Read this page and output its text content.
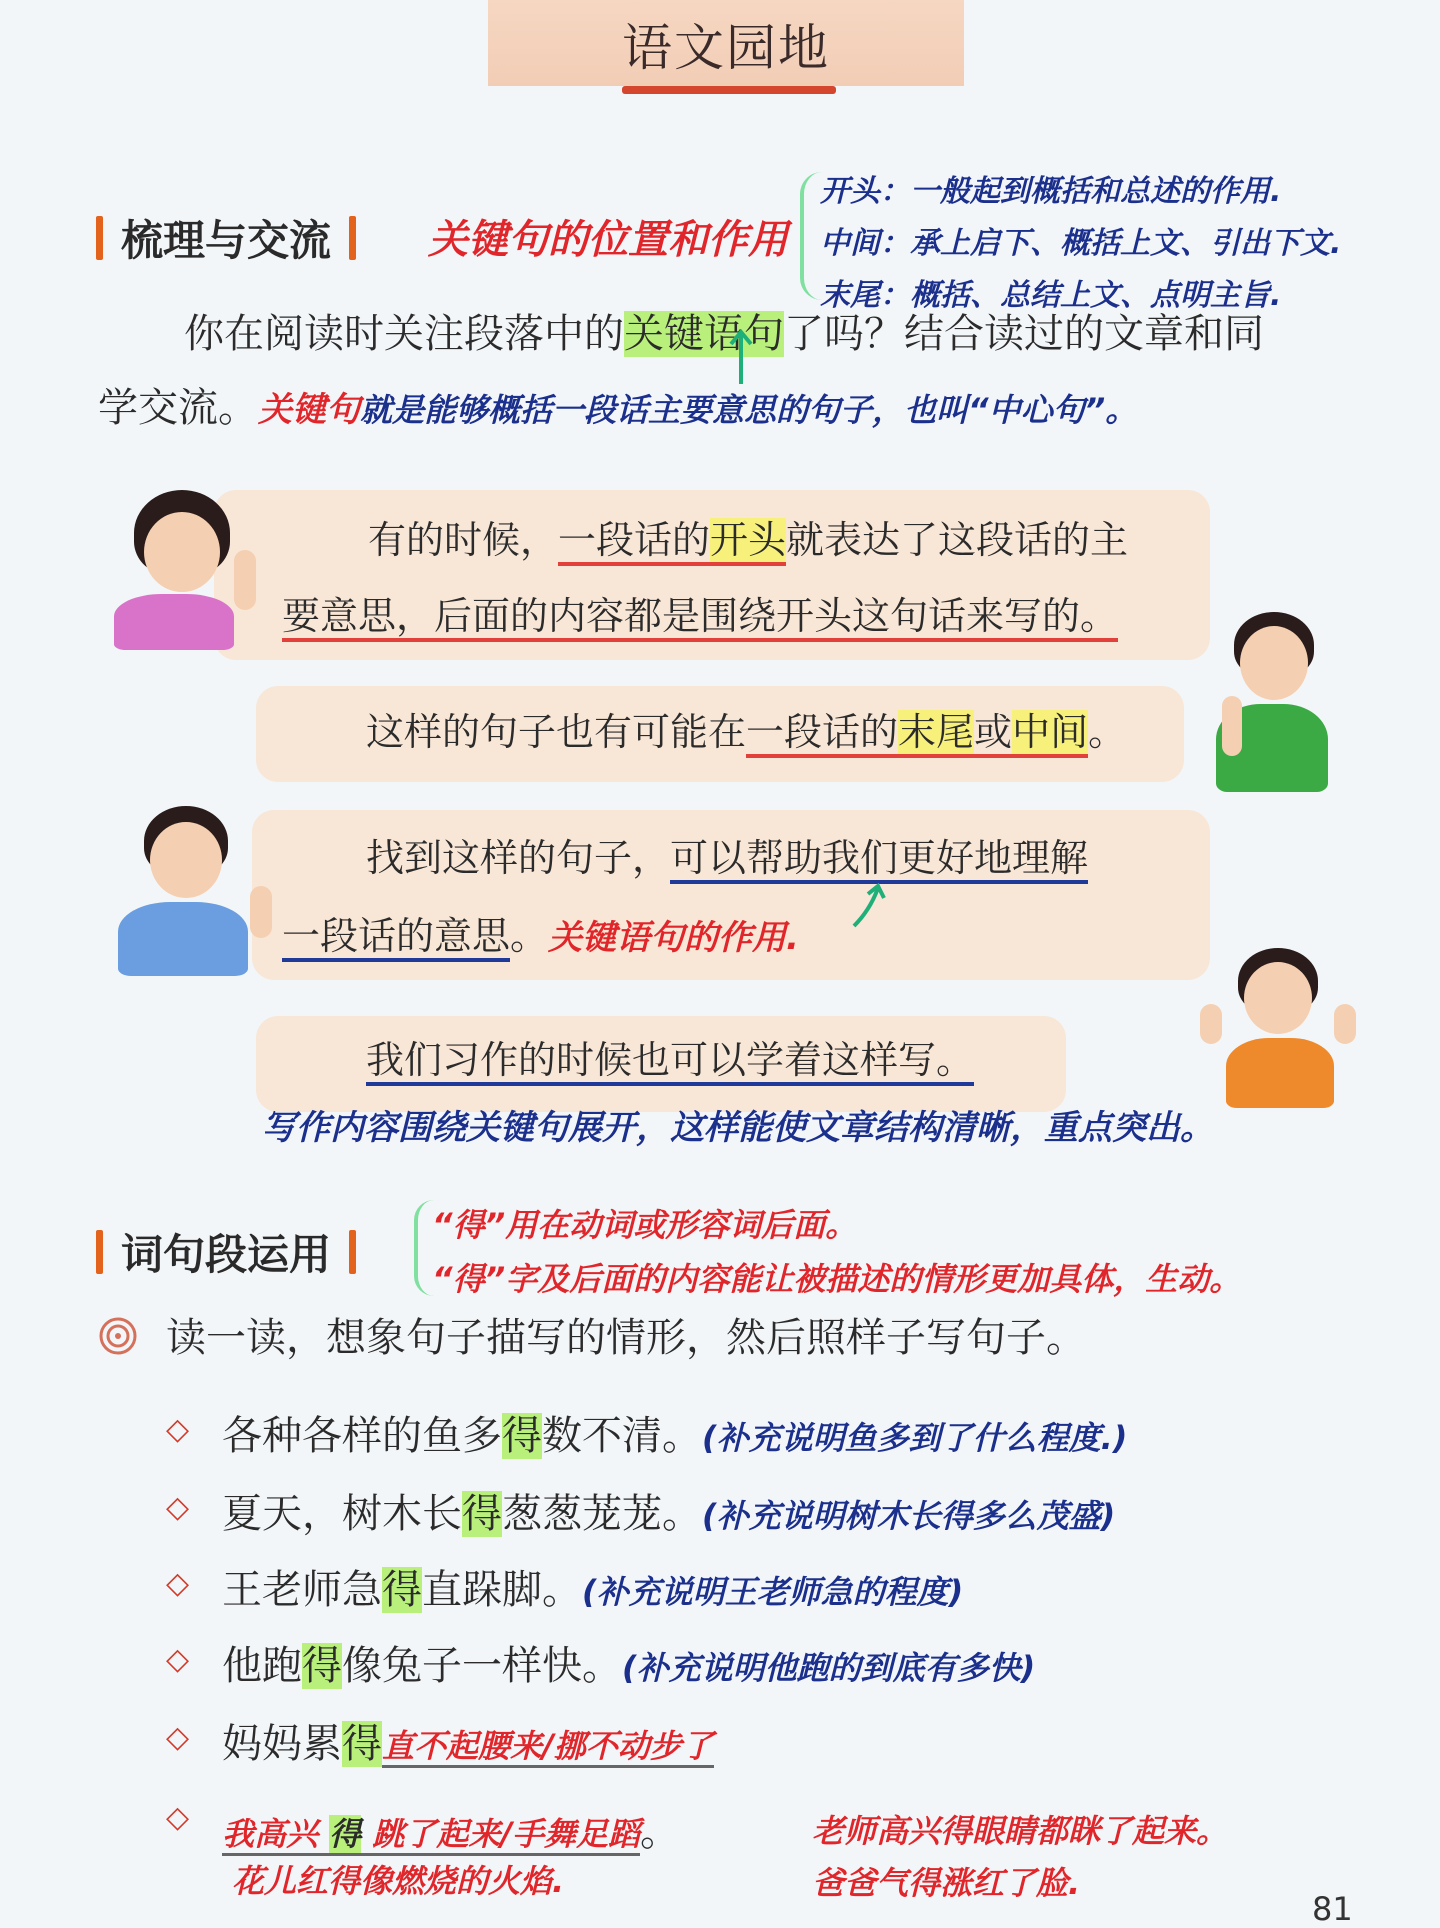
语文园地
梳理与交流 关键句的位置和作用
开头：一般起到概括和总述的作用.
中间：承上启下、概括上文、引出下文.
末尾：概括、总结上文、点明主旨.
你在阅读时关注段落中的关键语句了吗？结合读过的文章和同
学交流。关键句就是能够概括一段话主要意思的句子，也叫“中心句”。
有的时候，一段话的开头就表达了这段话的主
要意思，后面的内容都是围绕开头这句话来写的。
这样的句子也有可能在一段话的末尾或中间。
找到这样的句子，可以帮助我们更好地理解
一段话的意思。关键语句的作用.
我们习作的时候也可以学着这样写。
写作内容围绕关键句展开，这样能使文章结构清晰，重点突出。
词句段运用
“得”用在动词或形容词后面。
“得”字及后面的内容能让被描述的情形更加具体，生动。
读一读，想象句子描写的情形，然后照样子写句子。
◇ 各种各样的鱼多得数不清。(补充说明鱼多到了什么程度.)
◇ 夏天，树木长得葱葱茏茏。(补充说明树木长得多么茂盛)
◇ 王老师急得直跺脚。(补充说明王老师急的程度)
◇ 他跑得像兔子一样快。(补充说明他跑的到底有多快)
◇ 妈妈累得直不起腰来/挪不动步了
◇ 我高兴 得 跳了起来/手舞足蹈。
花儿红得像燃烧的火焰.
老师高兴得眼睛都眯了起来。
爸爸气得涨红了脸.
81
